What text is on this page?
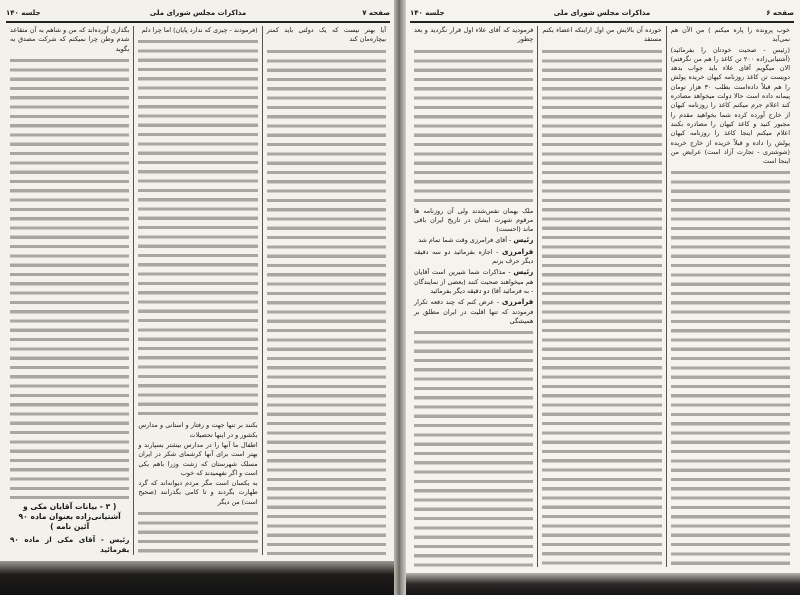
صفحه ۷
مذاکرات مجلس شورای ملی
جلسه ۱۴۰

آیا بهتر نیست که یک دولتی باید کمتر بیچاره‌مان کند

(فرمودند - چیزی که ندارد پایان) اما چرا دلم

بکنند بر تنها جهت و رفتار و استانی و مدارس بکشور و در اینها تحصیلات

اطفال ما آنها را در مدارس بیشتر بسپارند و بهتر است برای آنها کرشمای شکر در ایران مسلک شهرستان که زشت وزرا باهم یکی است و اگر نفهمیدند که خوب

به یکسان است مگر مردم دیوانه‌اند که گرد طهارت بگردند و تا کامی بگذرانند (صحیح است) من دیگر

بگذاری آورده‌اند که من و شاهم به آن متقاعد شدم وطن چرا نمیکنم که شرکت مصدق به بگوید

( ۳ - بیانات آقایان مکی و آشتیانی‌زاده بعنوان ماده ۹۰ آئین نامه )

رئیس - آقای مکی از ماده ۹۰ بفرمائید

صفحه ۶
مذاکرات مجلس شورای ملی
جلسه ۱۴۰

خوب پرونده را پاره میکنم ) من الآن هم نمی‌آید

(رئیس - صحبت خودتان را بفرمائید) (آشتیانی‌زاده ۲۰۰ تن کاغذ را هم من نگرفتم) الان میگویم آقای علاء باید جواب بدهد دویست تن کاغذ روزنامه کیهان خریده پولش را هم قبلاً داده‌است بطلب ۳۰ هزار تومان پیمانه داده است حالا دولت میخواهد مصادره کند اعلام جرم میکنم کاغذ را روزنامه کیهان از خارج آورده کرده شما بخواهید مقدم را مجبور کنید و کاغذ کیهان را مصادره بکنند اعلام میکنم اینجا کاغذ را روزنامه کیهان پولش را داده و قبلاً خریده از خارج خریده (شوشتری - تجارت آزاد است) عرایض من اینجا است

خورده آن بالایش من اول ازاینکه اعضاء بکنم مستقد

فرمودید که آقای علاء اول قرار نگردید و بعد چطور

ملک یهمان نفس‌شدند ولی آن روزنامه ها مرقوم شهرت ایشان در تاریخ ایران باقی ماند (احسنت)

رئیس - آقای فرامرزی وقت شما تمام شد

فرامرزی - اجازه بفرمائید دو سه دقیقه دیگر حرف بزنم

رئیس - مذاکرات شما شیرین است آقایان هم میخواهند صحبت کنند (بعضی از نمایندگان - به فرمائید آقا) دو دقیقه دیگر بفرمائید

فرامرزی - عرض کنم که چند دفعه تکرار فرمودند که تنها اقلیت در ایران مطلق بر همیشگی
